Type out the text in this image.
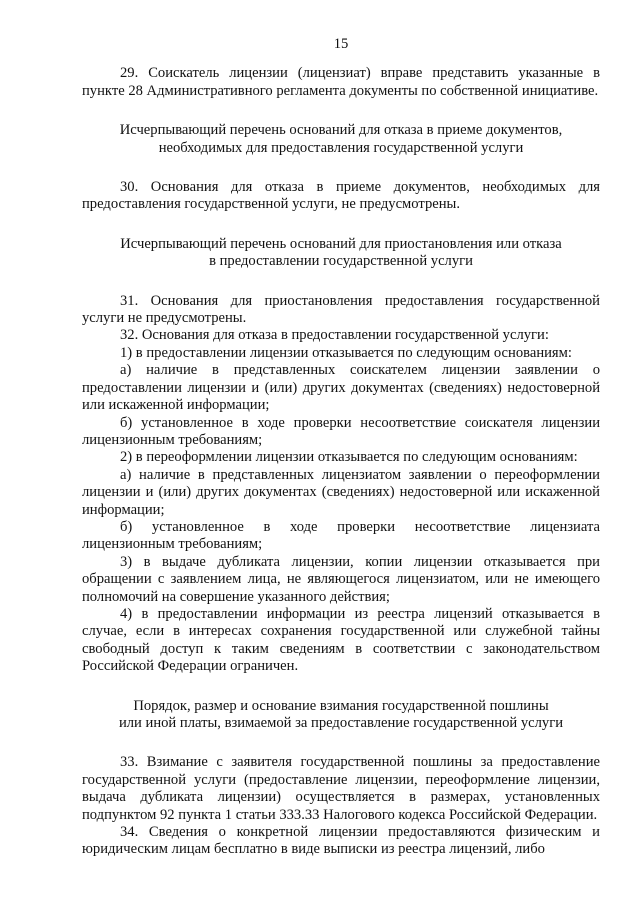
15

29. Соискатель лицензии (лицензиат) вправе представить указанные в пункте 28 Административного регламента документы по собственной инициативе.

Исчерпывающий перечень оснований для отказа в приеме документов,
необходимых для предоставления государственной услуги

30. Основания для отказа в приеме документов, необходимых для предоставления государственной услуги, не предусмотрены.

Исчерпывающий перечень оснований для приостановления или отказа
в предоставлении государственной услуги

31. Основания для приостановления предоставления государственной услуги не предусмотрены.

32. Основания для отказа в предоставлении государственной услуги:

1) в предоставлении лицензии отказывается по следующим основаниям:

а) наличие в представленных соискателем лицензии заявлении о предоставлении лицензии и (или) других документах (сведениях) недостоверной или искаженной информации;

б) установленное в ходе проверки несоответствие соискателя лицензии лицензионным требованиям;

2) в переоформлении лицензии отказывается по следующим основаниям:

а) наличие в представленных лицензиатом заявлении о переоформлении лицензии и (или) других документах (сведениях) недостоверной или искаженной информации;

б) установленное в ходе проверки несоответствие лицензиата лицензионным требованиям;

3) в выдаче дубликата лицензии, копии лицензии отказывается при обращении с заявлением лица, не являющегося лицензиатом, или не имеющего полномочий на совершение указанного действия;

4) в предоставлении информации из реестра лицензий отказывается в случае, если в интересах сохранения государственной или служебной тайны свободный доступ к таким сведениям в соответствии с законодательством Российской Федерации ограничен.

Порядок, размер и основание взимания государственной пошлины
или иной платы, взимаемой за предоставление государственной услуги

33. Взимание с заявителя государственной пошлины за предоставление государственной услуги (предоставление лицензии, переоформление лицензии, выдача дубликата лицензии) осуществляется в размерах, установленных подпунктом 92 пункта 1 статьи 333.33 Налогового кодекса Российской Федерации.

34. Сведения о конкретной лицензии предоставляются физическим и юридическим лицам бесплатно в виде выписки из реестра лицензий, либо
